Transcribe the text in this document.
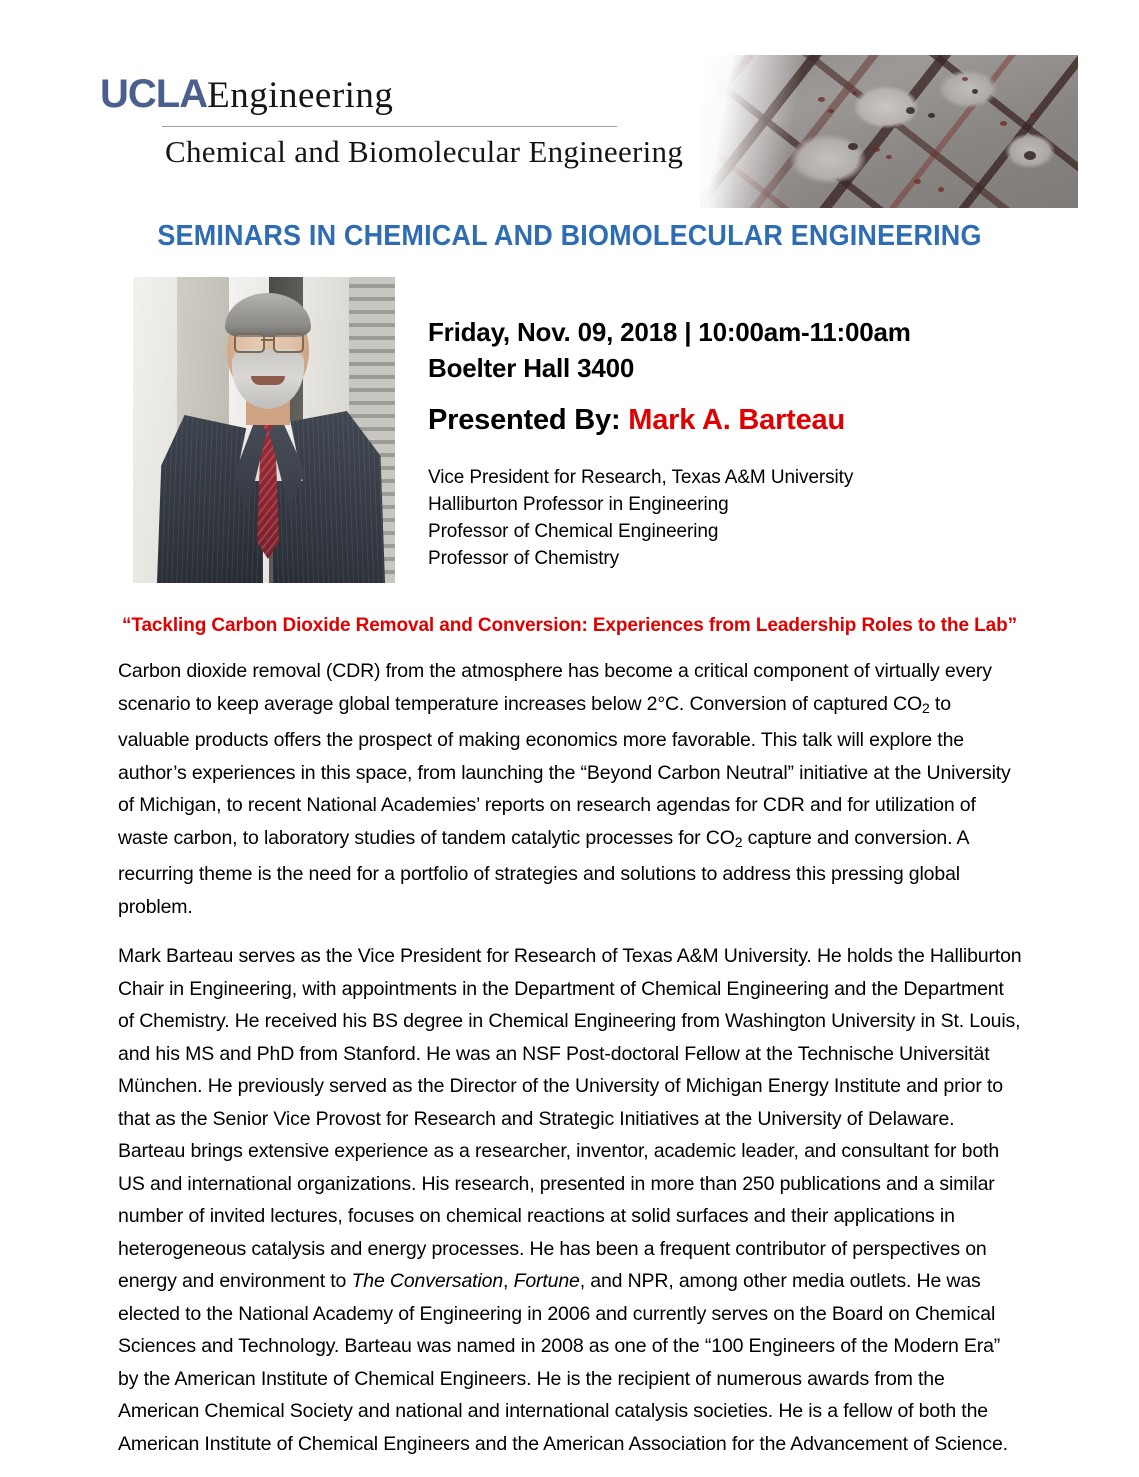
UCLAEngineering
Chemical and Biomolecular Engineering
SEMINARS IN CHEMICAL AND BIOMOLECULAR ENGINEERING
Friday, Nov. 09, 2018 | 10:00am-11:00am
Boelter Hall 3400
Presented By: Mark A. Barteau
Vice President for Research, Texas A&M University
Halliburton Professor in Engineering
Professor of Chemical Engineering
Professor of Chemistry
“Tackling Carbon Dioxide Removal and Conversion: Experiences from Leadership Roles to the Lab”

Carbon dioxide removal (CDR) from the atmosphere has become a critical component of virtually every scenario to keep average global temperature increases below 2°C. Conversion of captured $CO_2$ to valuable products offers the prospect of making economics more favorable. This talk will explore the author’s experiences in this space, from launching the “Beyond Carbon Neutral” initiative at the University of Michigan, to recent National Academies’ reports on research agendas for CDR and for utilization of waste carbon, to laboratory studies of tandem catalytic processes for $CO_2$ capture and conversion. A recurring theme is the need for a portfolio of strategies and solutions to address this pressing global problem.

Mark Barteau serves as the Vice President for Research of Texas A&M University. He holds the Halliburton Chair in Engineering, with appointments in the Department of Chemical Engineering and the Department of Chemistry. He received his BS degree in Chemical Engineering from Washington University in St. Louis, and his MS and PhD from Stanford. He was an NSF Post-doctoral Fellow at the Technische Universität München. He previously served as the Director of the University of Michigan Energy Institute and prior to that as the Senior Vice Provost for Research and Strategic Initiatives at the University of Delaware. Barteau brings extensive experience as a researcher, inventor, academic leader, and consultant for both US and international organizations. His research, presented in more than 250 publications and a similar number of invited lectures, focuses on chemical reactions at solid surfaces and their applications in heterogeneous catalysis and energy processes. He has been a frequent contributor of perspectives on energy and environment to The Conversation, Fortune, and NPR, among other media outlets. He was elected to the National Academy of Engineering in 2006 and currently serves on the Board on Chemical Sciences and Technology. Barteau was named in 2008 as one of the “100 Engineers of the Modern Era” by the American Institute of Chemical Engineers. He is the recipient of numerous awards from the American Chemical Society and national and international catalysis societies. He is a fellow of both the American Institute of Chemical Engineers and the American Association for the Advancement of Science.
